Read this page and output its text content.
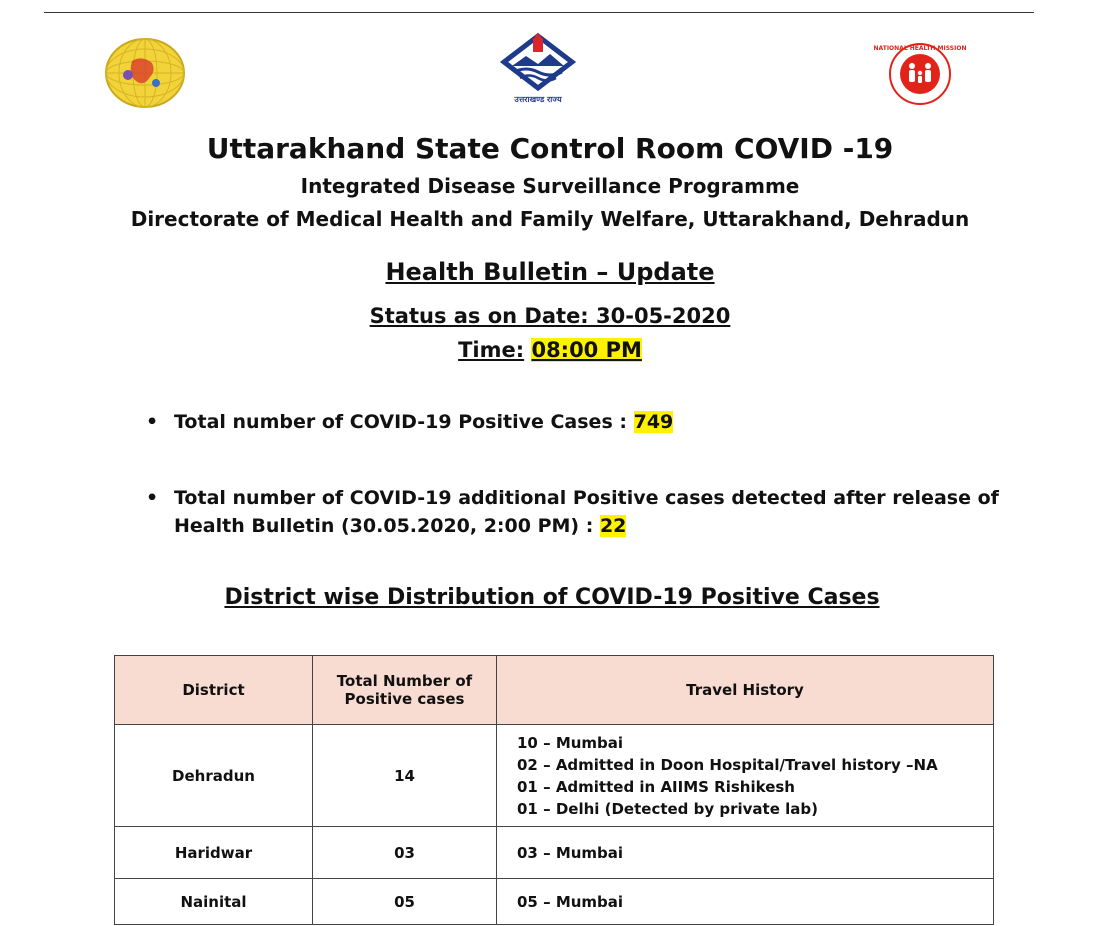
उत्तराखण्ड राज्य
NATIONAL HEALTH MISSION
Uttarakhand State Control Room COVID -19
Integrated Disease Surveillance Programme
Directorate of Medical Health and Family Welfare, Uttarakhand, Dehradun
Health Bulletin – Update
Status as on Date: 30-05-2020
Time: 08:00 PM
• Total number of COVID-19 Positive Cases : 749
• Total number of COVID-19 additional Positive cases detected after release of Health Bulletin (30.05.2020, 2:00 PM) : 22
District wise Distribution of COVID-19 Positive Cases
District	Total Number of Positive cases	Travel History
Dehradun	14	10 – Mumbai
02 – Admitted in Doon Hospital/Travel history –NA
01 – Admitted in AIIMS Rishikesh
01 – Delhi (Detected by private lab)

Haridwar	03	03 – Mumbai

Nainital	05	05 – Mumbai
